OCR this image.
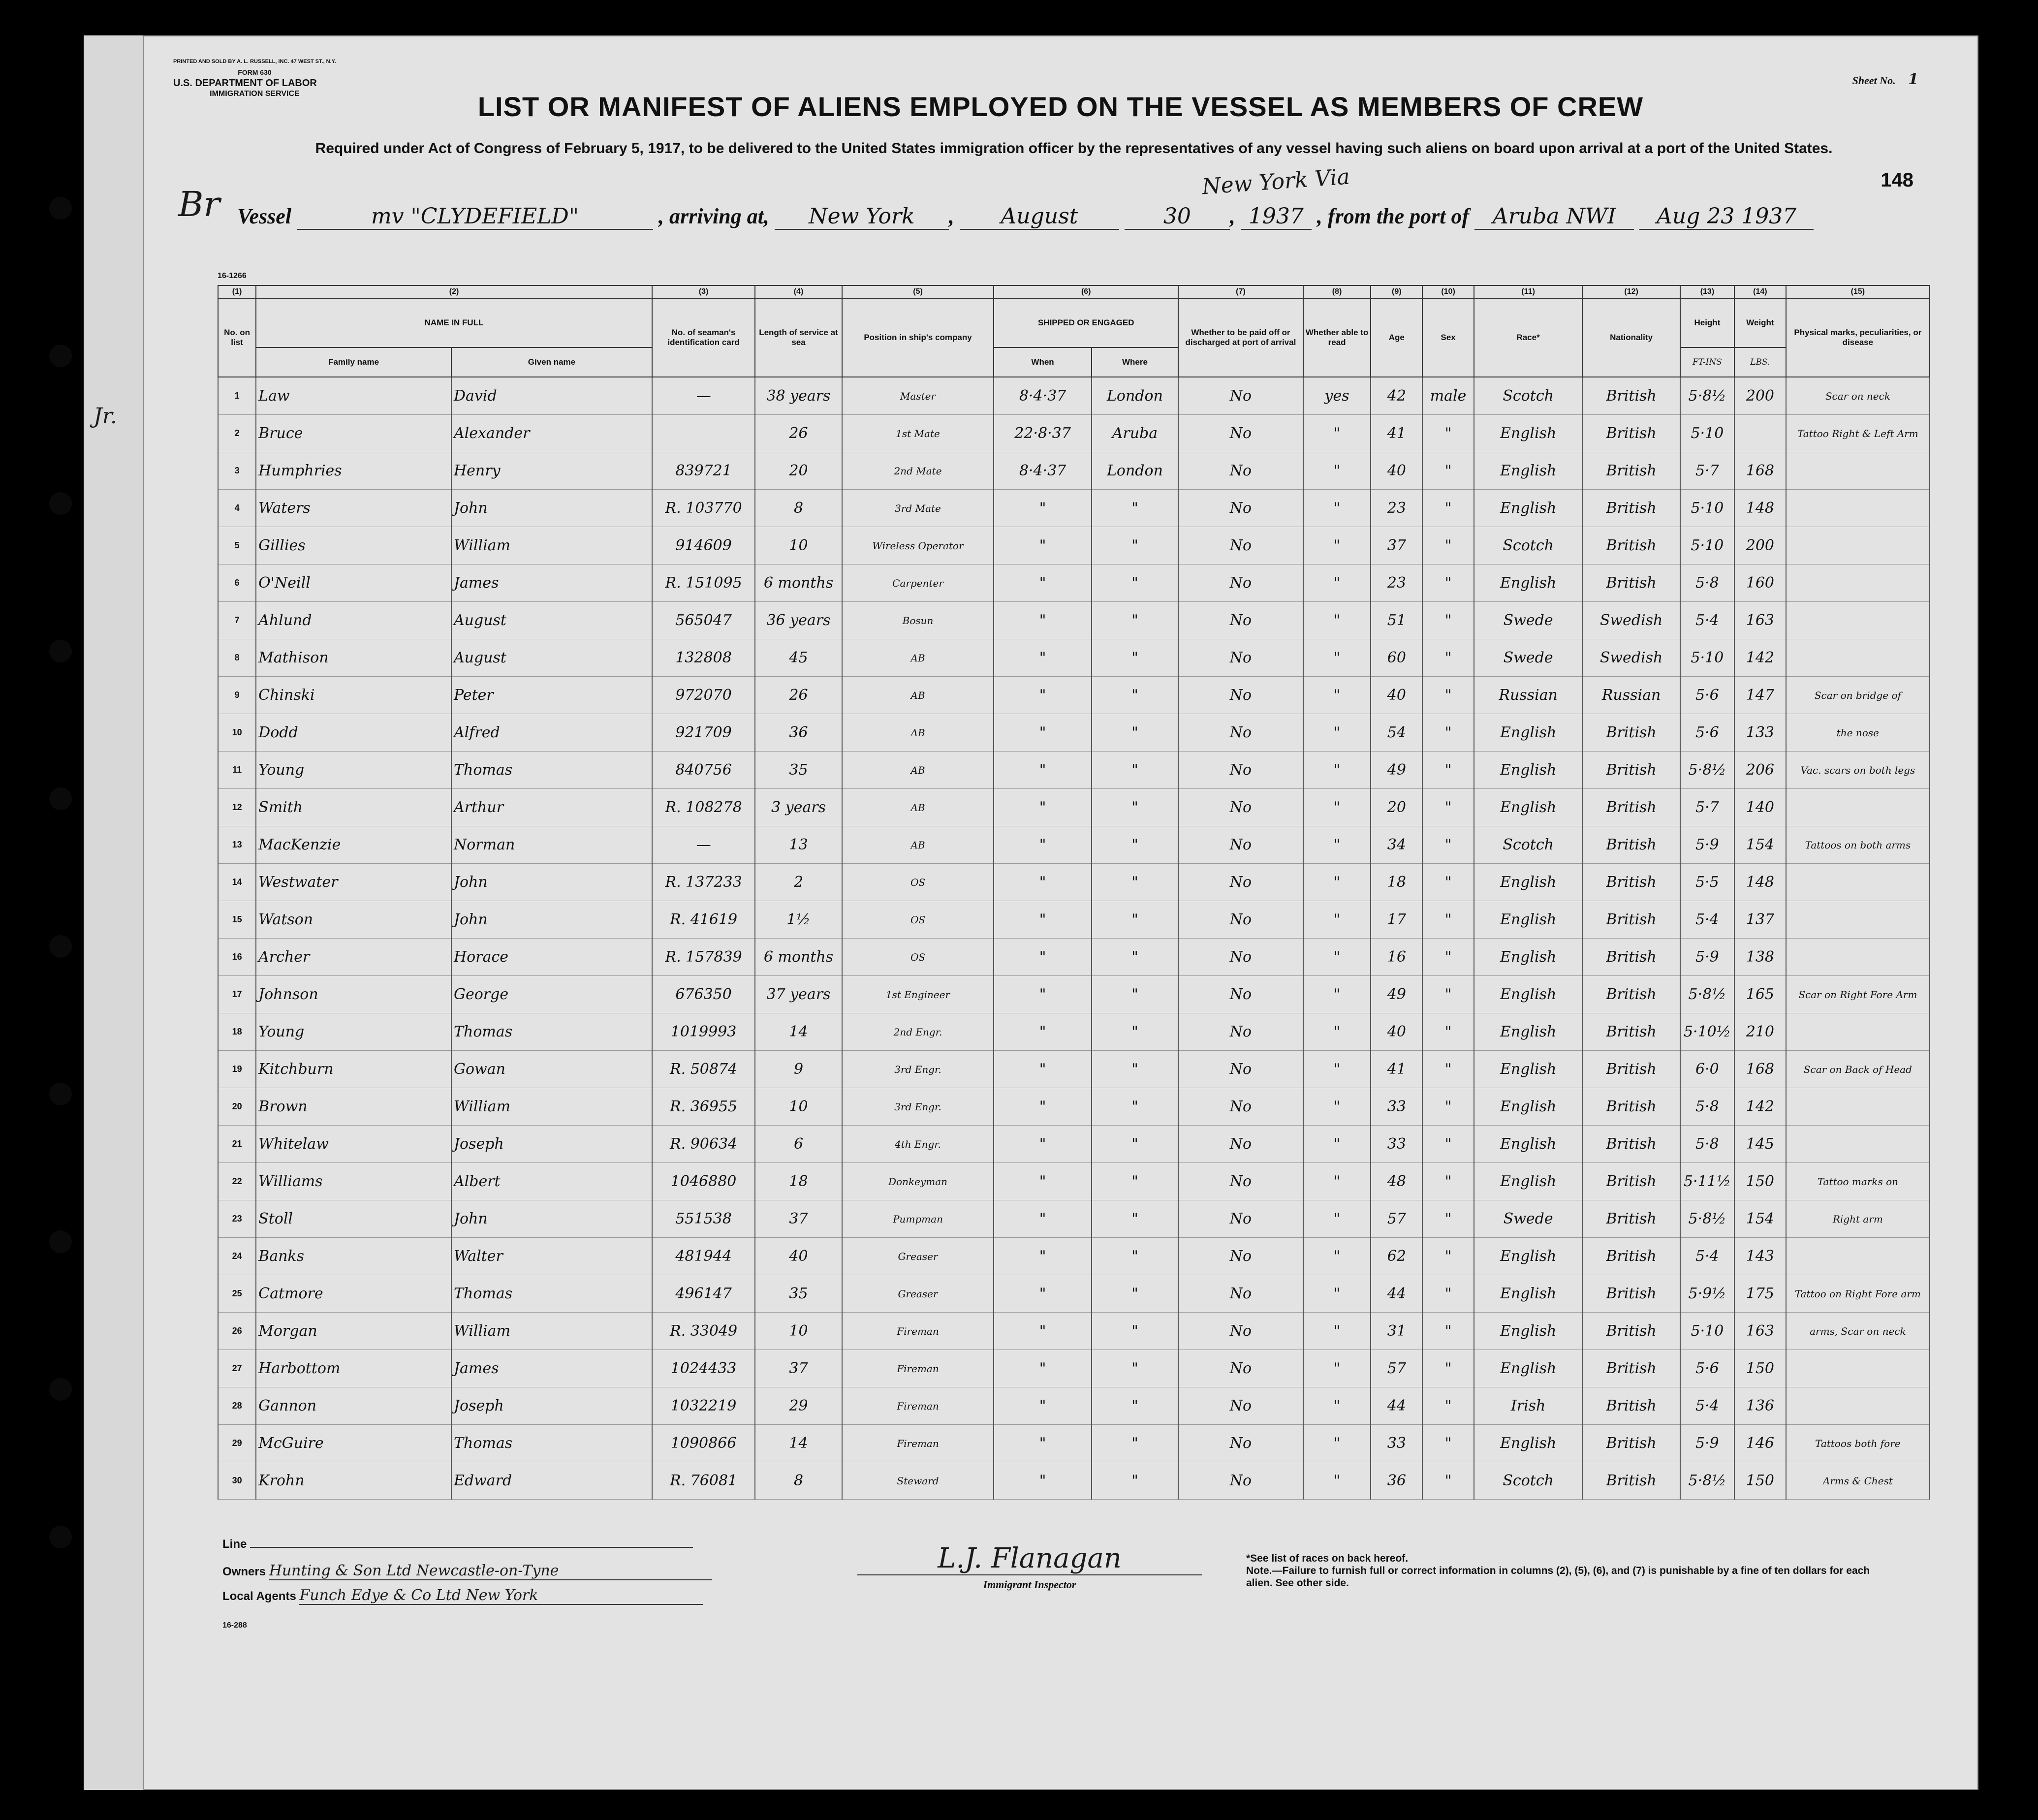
Jr.
PRINTED AND SOLD BY A. L. RUSSELL, INC. 47 WEST ST., N.Y.
FORM 630
U.S. DEPARTMENT OF LABOR
IMMIGRATION SERVICE
Sheet No. 1
LIST OR MANIFEST OF ALIENS EMPLOYED ON THE VESSEL AS MEMBERS OF CREW
Required under Act of Congress of February 5, 1917, to be delivered to the United States immigration officer by the representatives of any vessel having such aliens on board upon arrival at a port of the United States.
148
New York Via
Br Vessel	mv "CLYDEFIELD"	, arriving at, New York , August	30 , 1937 , from the port of Aruba NWI Aug 23 1937
16-1266
(1)	(2)		(3)	(4)	(5)	(6)		(7)	(8)	(9)	(10)	(11)	(12)	(13)	(14)	(15)
No. on list	NAME IN FULL		No. of seaman's identification card	Length of service at sea	Position in ship's company	SHIPPED OR ENGAGED		Whether to be paid off or discharged at port of arrival	Whether able to read	Age	Sex	Race*	Nationality	Height	Weight	Physical marks, peculiarities, or disease
	Family name	Given name				When	Where							FT-INS	LBS.	
1	Law	David	—	38 years	Master	8·4·37	London	No	yes	42	male	Scotch	British	5·8½	200	Scar on neck
2	Bruce	Alexander		26	1st Mate	22·8·37	Aruba	No	"	41	"	English	British	5·10		Tattoo Right & Left Arm
3	Humphries	Henry	839721	20	2nd Mate	8·4·37	London	No	"	40	"	English	British	5·7	168	
4	Waters	John	R. 103770	8	3rd Mate	"	"	No	"	23	"	English	British	5·10	148	
5	Gillies	William	914609	10	Wireless Operator	"	"	No	"	37	"	Scotch	British	5·10	200	
6	O'Neill	James	R. 151095	6 months	Carpenter	"	"	No	"	23	"	English	British	5·8	160	
7	Ahlund	August	565047	36 years	Bosun	"	"	No	"	51	"	Swede	Swedish	5·4	163	
8	Mathison	August	132808	45	AB	"	"	No	"	60	"	Swede	Swedish	5·10	142	
9	Chinski	Peter	972070	26	AB	"	"	No	"	40	"	Russian	Russian	5·6	147	Scar on bridge of
10	Dodd	Alfred	921709	36	AB	"	"	No	"	54	"	English	British	5·6	133	the nose
11	Young	Thomas	840756	35	AB	"	"	No	"	49	"	English	British	5·8½	206	Vac. scars on both legs
12	Smith	Arthur	R. 108278	3 years	AB	"	"	No	"	20	"	English	British	5·7	140	
13	MacKenzie	Norman	—	13	AB	"	"	No	"	34	"	Scotch	British	5·9	154	Tattoos on both arms
14	Westwater	John	R. 137233	2	OS	"	"	No	"	18	"	English	British	5·5	148	
15	Watson	John	R. 41619	1½	OS	"	"	No	"	17	"	English	British	5·4	137	
16	Archer	Horace	R. 157839	6 months	OS	"	"	No	"	16	"	English	British	5·9	138	
17	Johnson	George	676350	37 years	1st Engineer	"	"	No	"	49	"	English	British	5·8½	165	Scar on Right Fore Arm
18	Young	Thomas	1019993	14	2nd Engr.	"	"	No	"	40	"	English	British	5·10½	210	
19	Kitchburn	Gowan	R. 50874	9	3rd Engr.	"	"	No	"	41	"	English	British	6·0	168	Scar on Back of Head
20	Brown	William	R. 36955	10	3rd Engr.	"	"	No	"	33	"	English	British	5·8	142	
21	Whitelaw	Joseph	R. 90634	6	4th Engr.	"	"	No	"	33	"	English	British	5·8	145	
22	Williams	Albert	1046880	18	Donkeyman	"	"	No	"	48	"	English	British	5·11½	150	Tattoo marks on
23	Stoll	John	551538	37	Pumpman	"	"	No	"	57	"	Swede	British	5·8½	154	Right arm
24	Banks	Walter	481944	40	Greaser	"	"	No	"	62	"	English	British	5·4	143	
25	Catmore	Thomas	496147	35	Greaser	"	"	No	"	44	"	English	British	5·9½	175	Tattoo on Right Fore arm
26	Morgan	William	R. 33049	10	Fireman	"	"	No	"	31	"	English	British	5·10	163	arms, Scar on neck
27	Harbottom	James	1024433	37	Fireman	"	"	No	"	57	"	English	British	5·6	150	
28	Gannon	Joseph	1032219	29	Fireman	"	"	No	"	44	"	Irish	British	5·4	136	
29	McGuire	Thomas	1090866	14	Fireman	"	"	No	"	33	"	English	British	5·9	146	Tattoos both fore
30	Krohn	Edward	R. 76081	8	Steward	"	"	No	"	36	"	Scotch	British	5·8½	150	Arms & Chest
Line
Owners Hunting & Son Ltd Newcastle-on-Tyne
Local Agents Funch Edye & Co Ltd New York
16-288
L.J. Flanagan
Immigrant Inspector
*See list of races on back hereof.
Note.—Failure to furnish full or correct information in columns (2), (5), (6), and (7) is punishable by a fine of ten dollars for each alien. See other side.
